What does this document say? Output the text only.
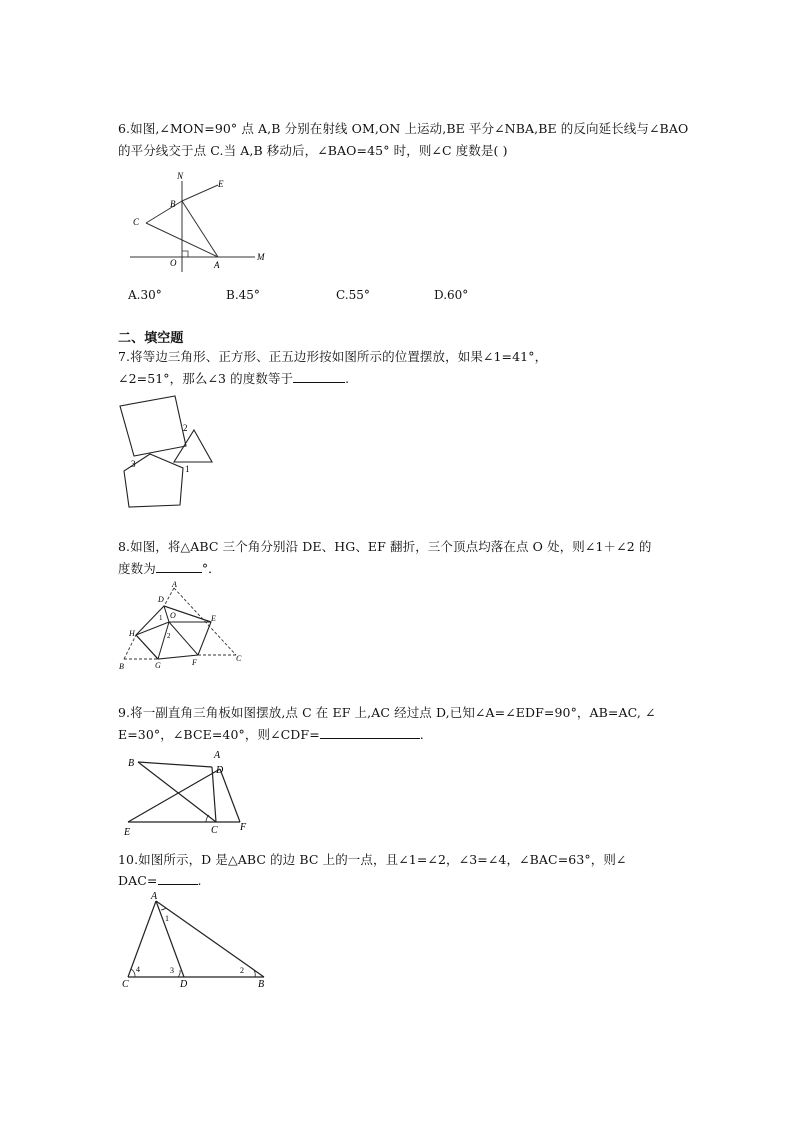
6.如图,∠MON=90° 点 A,B 分别在射线 OM,ON 上运动,BE 平分∠NBA,BE 的反向延长线与∠BAO
的平分线交于点 C.当 A,B 移动后，∠BAO=45° 时，则∠C 度数是( )
N
E
B
C
O	A
M
A.30°	B.45°	C.55°	D.60°
二、填空题
7.将等边三角形、正方形、正五边形按如图所示的位置摆放，如果∠1=41°，
∠2=51°，那么∠3 的度数等于	.
2
1
3
8.如图，将△ABC 三个角分别沿 DE、HG、EF 翻折，三个顶点均落在点 O 处，则∠1＋∠2 的
度数为	°．
A
D
O	E
1
2
H
B	G	F	C
9.将一副直角三角板如图摆放,点 C 在 EF 上,AC 经过点 D,已知∠A=∠EDF=90°，AB=AC, ∠
E=30°，∠BCE=40°，则∠CDF=	.
A
B
D
E	C F
10.如图所示，D 是△ABC 的边 BC 上的一点，且∠1=∠2，∠3=∠4，∠BAC=63°，则∠
DAC=	.
A
1
4	3	2
C	D	B
